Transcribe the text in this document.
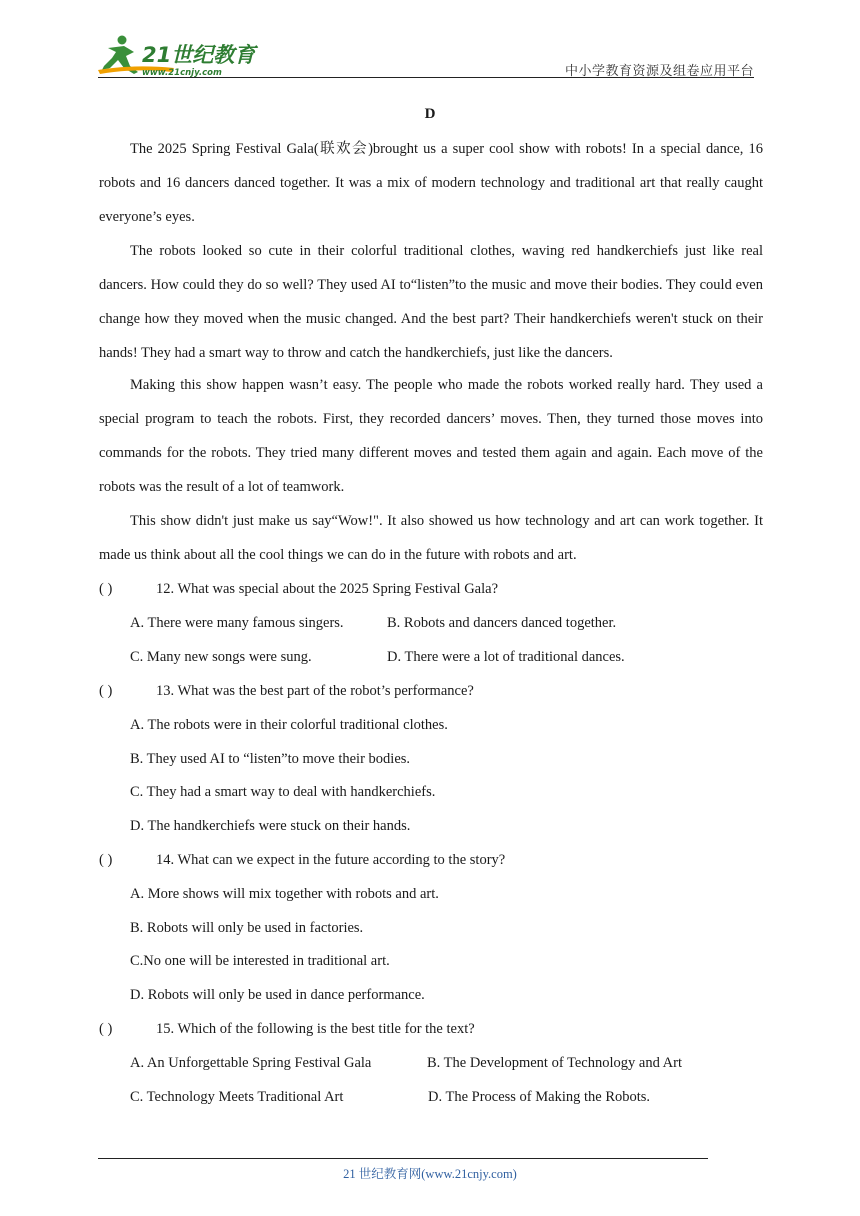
21世纪教育
www.21cnjy.com	中小学教育资源及组卷应用平台
D

The 2025 Spring Festival Gala(联欢会)brought us a super cool show with robots! In a special dance, 16 robots and 16 dancers danced together. It was a mix of modern technology and traditional art that really caught everyone’s eyes.

The robots looked so cute in their colorful traditional clothes, waving red handkerchiefs just like real dancers. How could they do so well? They used AI to“listen”to the music and move their bodies. They could even change how they moved when the music changed. And the best part? Their handkerchiefs weren't stuck on their hands! They had a smart way to throw and catch the handkerchiefs, just like the dancers.

Making this show happen wasn’t easy. The people who made the robots worked really hard. They used a special program to teach the robots. First, they recorded dancers’ moves. Then, they turned those moves into commands for the robots. They tried many different moves and tested them again and again. Each move of the robots was the result of a lot of teamwork.

This show didn't just make us say“Wow!". It also showed us how technology and art can work together. It made us think about all the cool things we can do in the future with robots and art.

( )	12. What was special about the 2025 Spring Festival Gala?
A. There were many famous singers.	B. Robots and dancers danced together.
C. Many new songs were sung.	D. There were a lot of traditional dances.
( )	13. What was the best part of the robot’s performance?
A. The robots were in their colorful traditional clothes.
B. They used AI to “listen”to move their bodies.
C. They had a smart way to deal with handkerchiefs.
D. The handkerchiefs were stuck on their hands.
( )	14. What can we expect in the future according to the story?
A. More shows will mix together with robots and art.
B. Robots will only be used in factories.
C.No one will be interested in traditional art.
D. Robots will only be used in dance performance.
( )	15. Which of the following is the best title for the text?
A. An Unforgettable Spring Festival Gala	B. The Development of Technology and Art
C. Technology Meets Traditional Art	D. The Process of Making the Robots.
21 世纪教育网(www.21cnjy.com)
